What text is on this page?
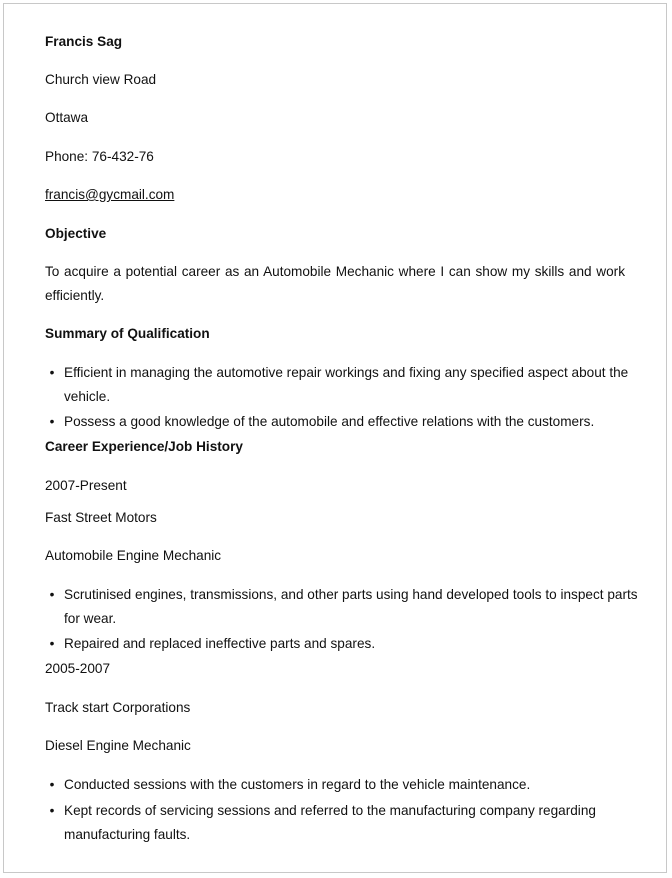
Francis Sag
Church view Road
Ottawa
Phone: 76-432-76
francis@gycmail.com
Objective
To acquire a potential career as an Automobile Mechanic where I can show my skills and work efficiently.
Summary of Qualification
• Efficient in managing the automotive repair workings and fixing any specified aspect about the vehicle.
• Possess a good knowledge of the automobile and effective relations with the customers.
Career Experience/Job History
2007-Present
Fast Street Motors
Automobile Engine Mechanic
• Scrutinised engines, transmissions, and other parts using hand developed tools to inspect parts for wear.
• Repaired and replaced ineffective parts and spares.
2005-2007
Track start Corporations
Diesel Engine Mechanic
• Conducted sessions with the customers in regard to the vehicle maintenance.
• Kept records of servicing sessions and referred to the manufacturing company regarding manufacturing faults.
